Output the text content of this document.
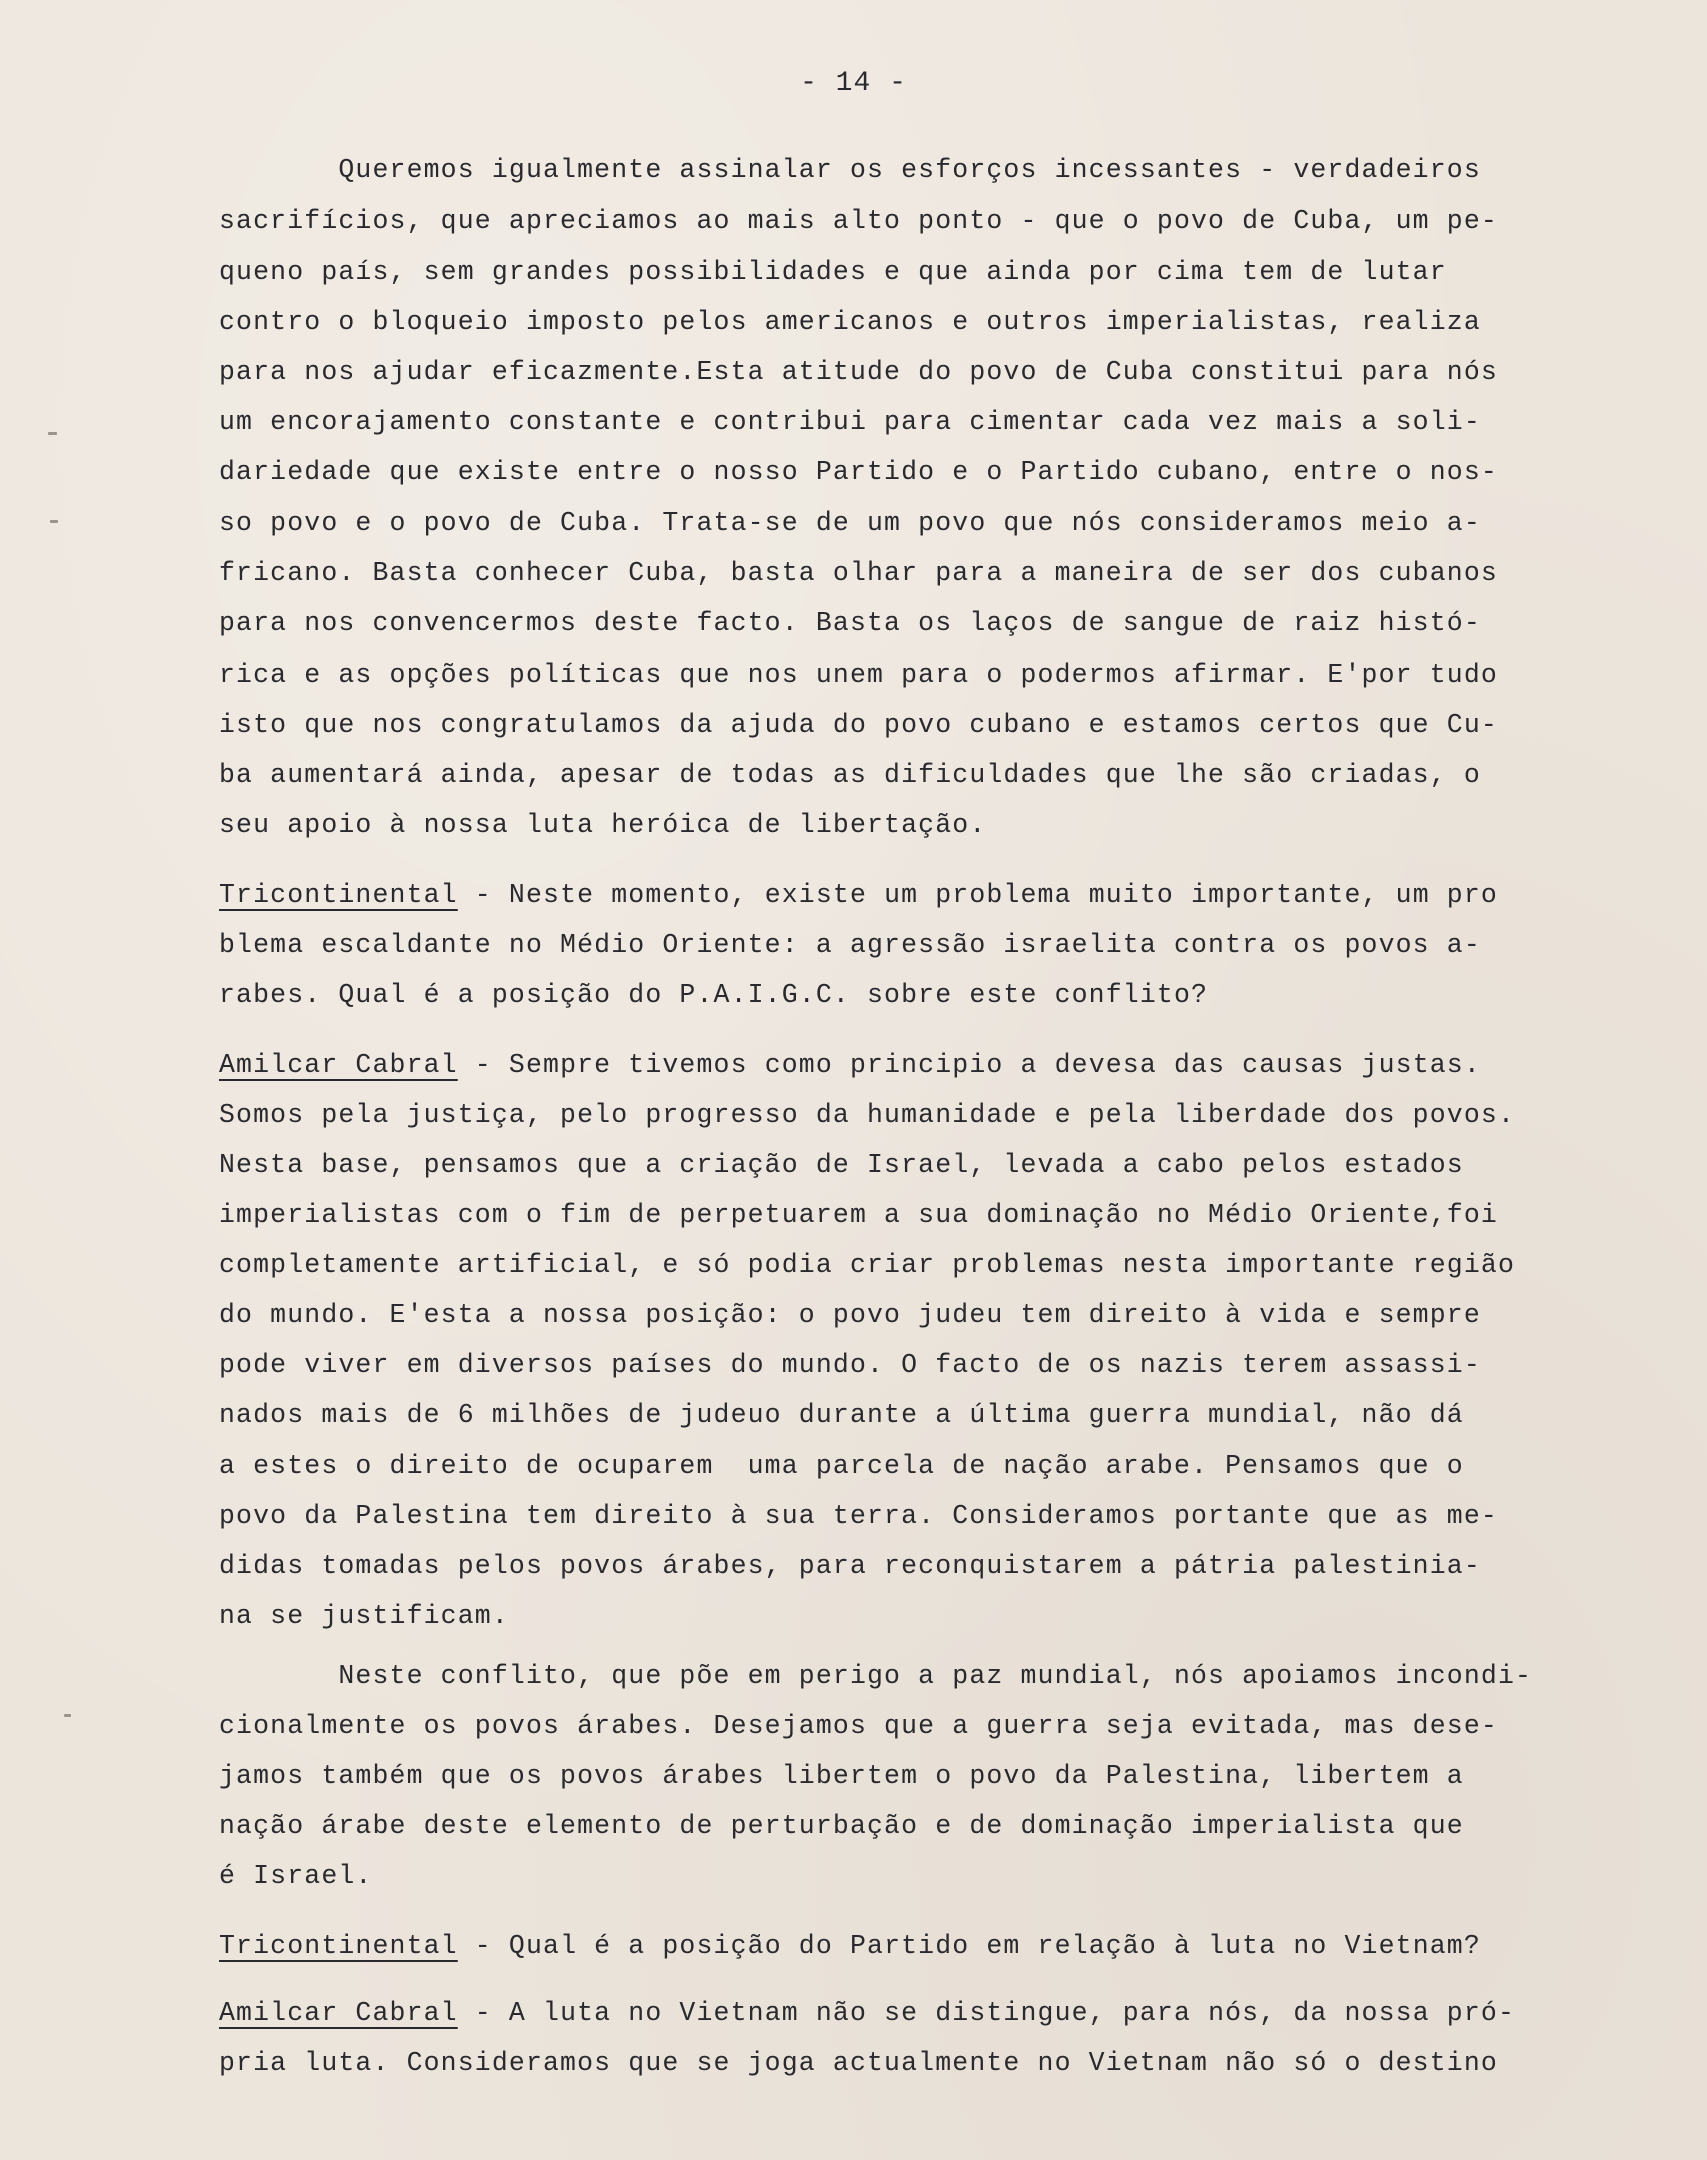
- 14 -
Queremos igualmente assinalar os esforços incessantes - verdadeiros
sacrifícios, que apreciamos ao mais alto ponto - que o povo de Cuba, um pe-
queno país, sem grandes possibilidades e que ainda por cima tem de lutar
contro o bloqueio imposto pelos americanos e outros imperialistas, realiza
para nos ajudar eficazmente.Esta atitude do povo de Cuba constitui para nós
um encorajamento constante e contribui para cimentar cada vez mais a soli-
dariedade que existe entre o nosso Partido e o Partido cubano, entre o nos-
so povo e o povo de Cuba. Trata-se de um povo que nós consideramos meio a-
fricano. Basta conhecer Cuba, basta olhar para a maneira de ser dos cubanos
para nos convencermos deste facto. Basta os laços de sangue de raiz histó-
rica e as opções políticas que nos unem para o podermos afirmar. E'por tudo
isto que nos congratulamos da ajuda do povo cubano e estamos certos que Cu-
ba aumentará ainda, apesar de todas as dificuldades que lhe são criadas, o
seu apoio à nossa luta heróica de libertação.
Tricontinental - Neste momento, existe um problema muito importante, um pro
blema escaldante no Médio Oriente: a agressão israelita contra os povos a-
rabes. Qual é a posição do P.A.I.G.C. sobre este conflito?
Amilcar Cabral - Sempre tivemos como principio a devesa das causas justas.
Somos pela justiça, pelo progresso da humanidade e pela liberdade dos povos.
Nesta base, pensamos que a criação de Israel, levada a cabo pelos estados
imperialistas com o fim de perpetuarem a sua dominação no Médio Oriente,foi
completamente artificial, e só podia criar problemas nesta importante região
do mundo. E'esta a nossa posição: o povo judeu tem direito à vida e sempre
pode viver em diversos países do mundo. O facto de os nazis terem assassi-
nados mais de 6 milhões de judeuo durante a última guerra mundial, não dá
a estes o direito de ocuparem  uma parcela de nação arabe. Pensamos que o
povo da Palestina tem direito à sua terra. Consideramos portante que as me-
didas tomadas pelos povos árabes, para reconquistarem a pátria palestinia-
na se justificam.
Neste conflito, que põe em perigo a paz mundial, nós apoiamos incondi-
cionalmente os povos árabes. Desejamos que a guerra seja evitada, mas dese-
jamos também que os povos árabes libertem o povo da Palestina, libertem a
nação árabe deste elemento de perturbação e de dominação imperialista que
é Israel.
Tricontinental - Qual é a posição do Partido em relação à luta no Vietnam?
Amilcar Cabral - A luta no Vietnam não se distingue, para nós, da nossa pró-
pria luta. Consideramos que se joga actualmente no Vietnam não só o destino
